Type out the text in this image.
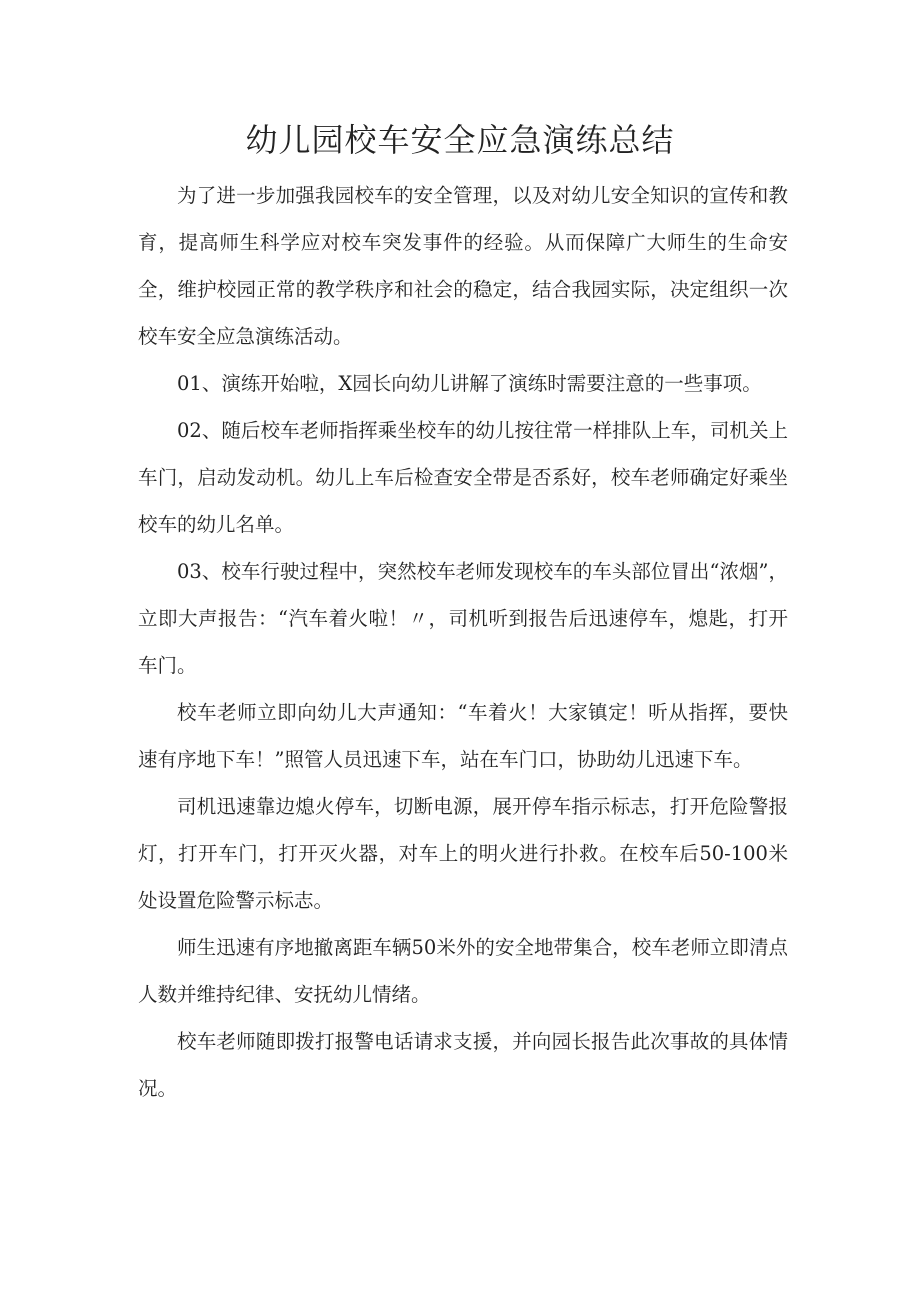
幼儿园校车安全应急演练总结

为了进一步加强我园校车的安全管理，以及对幼儿安全知识的宣传和教育，提高师生科学应对校车突发事件的经验。从而保障广大师生的生命安全，维护校园正常的教学秩序和社会的稳定，结合我园实际，决定组织一次校车安全应急演练活动。

01、演练开始啦，X园长向幼儿讲解了演练时需要注意的一些事项。

02、随后校车老师指挥乘坐校车的幼儿按往常一样排队上车，司机关上车门，启动发动机。幼儿上车后检查安全带是否系好，校车老师确定好乘坐校车的幼儿名单。

03、校车行驶过程中，突然校车老师发现校车的车头部位冒出“浓烟”，立即大声报告：“汽车着火啦！〃，司机听到报告后迅速停车，熄匙，打开车门。

校车老师立即向幼儿大声通知：“车着火！大家镇定！听从指挥，要快速有序地下车！”照管人员迅速下车，站在车门口，协助幼儿迅速下车。

司机迅速靠边熄火停车，切断电源，展开停车指示标志，打开危险警报灯，打开车门，打开灭火器，对车上的明火进行扑救。在校车后50-100米处设置危险警示标志。

师生迅速有序地撤离距车辆50米外的安全地带集合，校车老师立即清点人数并维持纪律、安抚幼儿情绪。

校车老师随即拨打报警电话请求支援，并向园长报告此次事故的具体情况。
